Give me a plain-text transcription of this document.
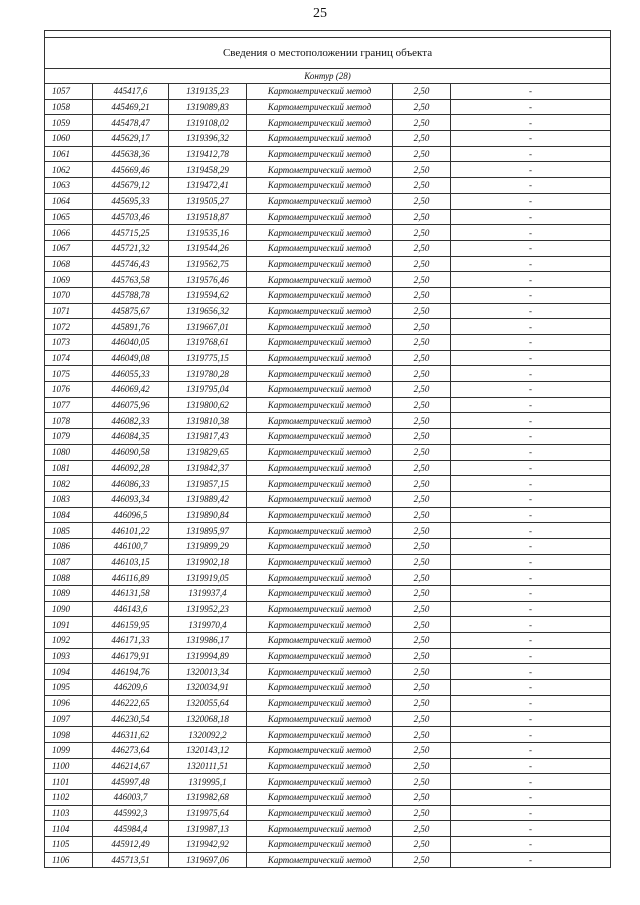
25

Сведения о местоположении границ объекта					
Контур (28)					
1057	445417,6	1319135,23	Картометрический метод	2,50	-
1058	445469,21	1319089,83	Картометрический метод	2,50	-
1059	445478,47	1319108,02	Картометрический метод	2,50	-
1060	445629,17	1319396,32	Картометрический метод	2,50	-
1061	445638,36	1319412,78	Картометрический метод	2,50	-
1062	445669,46	1319458,29	Картометрический метод	2,50	-
1063	445679,12	1319472,41	Картометрический метод	2,50	-
1064	445695,33	1319505,27	Картометрический метод	2,50	-
1065	445703,46	1319518,87	Картометрический метод	2,50	-
1066	445715,25	1319535,16	Картометрический метод	2,50	-
1067	445721,32	1319544,26	Картометрический метод	2,50	-
1068	445746,43	1319562,75	Картометрический метод	2,50	-
1069	445763,58	1319576,46	Картометрический метод	2,50	-
1070	445788,78	1319594,62	Картометрический метод	2,50	-
1071	445875,67	1319656,32	Картометрический метод	2,50	-
1072	445891,76	1319667,01	Картометрический метод	2,50	-
1073	446040,05	1319768,61	Картометрический метод	2,50	-
1074	446049,08	1319775,15	Картометрический метод	2,50	-
1075	446055,33	1319780,28	Картометрический метод	2,50	-
1076	446069,42	1319795,04	Картометрический метод	2,50	-
1077	446075,96	1319800,62	Картометрический метод	2,50	-
1078	446082,33	1319810,38	Картометрический метод	2,50	-
1079	446084,35	1319817,43	Картометрический метод	2,50	-
1080	446090,58	1319829,65	Картометрический метод	2,50	-
1081	446092,28	1319842,37	Картометрический метод	2,50	-
1082	446086,33	1319857,15	Картометрический метод	2,50	-
1083	446093,34	1319889,42	Картометрический метод	2,50	-
1084	446096,5	1319890,84	Картометрический метод	2,50	-
1085	446101,22	1319895,97	Картометрический метод	2,50	-
1086	446100,7	1319899,29	Картометрический метод	2,50	-
1087	446103,15	1319902,18	Картометрический метод	2,50	-
1088	446116,89	1319919,05	Картометрический метод	2,50	-
1089	446131,58	1319937,4	Картометрический метод	2,50	-
1090	446143,6	1319952,23	Картометрический метод	2,50	-
1091	446159,95	1319970,4	Картометрический метод	2,50	-
1092	446171,33	1319986,17	Картометрический метод	2,50	-
1093	446179,91	1319994,89	Картометрический метод	2,50	-
1094	446194,76	1320013,34	Картометрический метод	2,50	-
1095	446209,6	1320034,91	Картометрический метод	2,50	-
1096	446222,65	1320055,64	Картометрический метод	2,50	-
1097	446230,54	1320068,18	Картометрический метод	2,50	-
1098	446311,62	1320092,2	Картометрический метод	2,50	-
1099	446273,64	1320143,12	Картометрический метод	2,50	-
1100	446214,67	1320111,51	Картометрический метод	2,50	-
1101	445997,48	1319995,1	Картометрический метод	2,50	-
1102	446003,7	1319982,68	Картометрический метод	2,50	-
1103	445992,3	1319975,64	Картометрический метод	2,50	-
1104	445984,4	1319987,13	Картометрический метод	2,50	-
1105	445912,49	1319942,92	Картометрический метод	2,50	-
1106	445713,51	1319697,06	Картометрический метод	2,50	-
